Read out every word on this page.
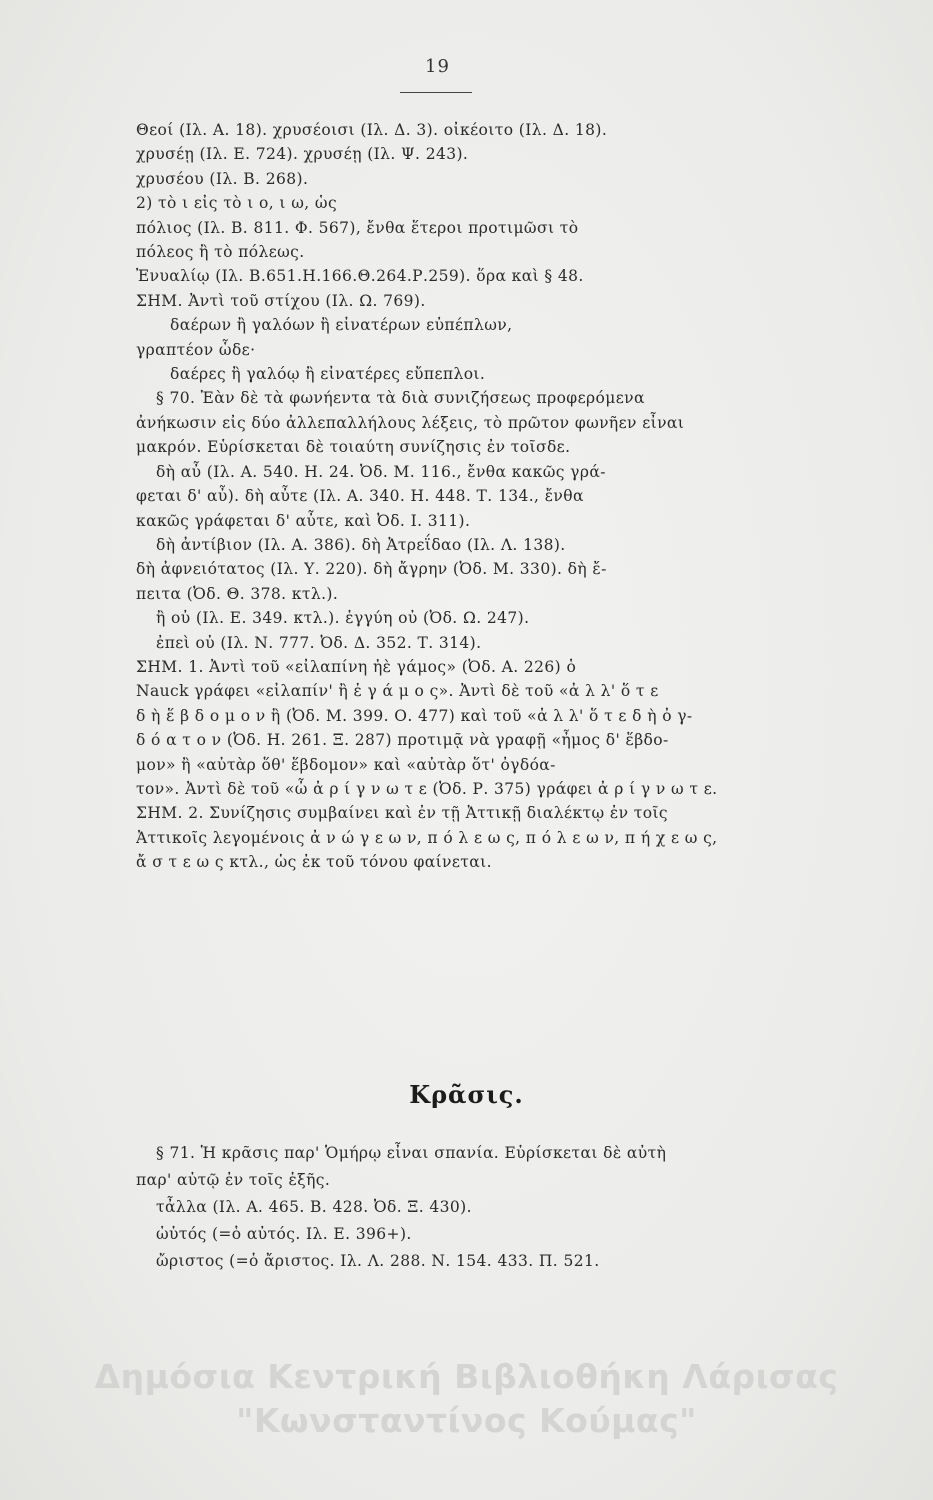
19
Θεοί (Ιλ. Α. 18). χρυσέοισι (Ιλ. Δ. 3). οἰκέοιτο (Ιλ. Δ. 18).
χρυσέῃ (Ιλ. Ε. 724). χρυσέῃ (Ιλ. Ψ. 243).
χρυσέου (Ιλ. Β. 268).
2) τὸ ι εἰς τὸ ι ο, ι ω, ὡς
πόλιος (Ιλ. Β. 811. Φ. 567), ἔνθα ἕτεροι προτιμῶσι τὸ
πόλεος ἢ τὸ πόλεως.
Ἐνυαλίῳ (Ιλ. Β.651.Η.166.Θ.264.Ρ.259). ὅρα καὶ § 48.
ΣΗΜ. Ἀντὶ τοῦ στίχου (Ιλ. Ω. 769).
δαέρων ἢ γαλόων ἢ εἰνατέρων εὐπέπλων,
γραπτέον ὧδε·
δαέρες ἢ γαλόῳ ἢ εἰνατέρες εὔπεπλοι.
§ 70. Ἐὰν δὲ τὰ φωνήεντα τὰ διὰ συνιζήσεως προφερόμενα
ἀνήκωσιν εἰς δύο ἀλλεπαλλήλους λέξεις, τὸ πρῶτον φωνῆεν εἶναι
μακρόν. Εὑρίσκεται δὲ τοιαύτη συνίζησις ἐν τοῖσδε.
δὴ αὖ (Ιλ. Α. 540. Η. 24. Ὀδ. Μ. 116., ἔνθα κακῶς γρά-
φεται δ' αὖ). δὴ αὖτε (Ιλ. Α. 340. Η. 448. Τ. 134., ἔνθα
κακῶς γράφεται δ' αὖτε, καὶ Ὀδ. Ι. 311).
δὴ ἀντίβιον (Ιλ. Α. 386). δὴ Ἀτρεΐδαο (Ιλ. Λ. 138).
δὴ ἀφνειότατος (Ιλ. Υ. 220). δὴ ἄγρην (Ὀδ. Μ. 330). δὴ ἔ-
πειτα (Ὀδ. Θ. 378. κτλ.).
ἢ οὐ (Ιλ. Ε. 349. κτλ.). ἐγγύη οὐ (Ὀδ. Ω. 247).
ἐπεὶ οὐ (Ιλ. Ν. 777. Ὀδ. Δ. 352. Τ. 314).
ΣΗΜ. 1. Ἀντὶ τοῦ «εἰλαπίνη ἠὲ γάμος» (Ὀδ. Α. 226) ὁ
Nauck γράφει «εἰλαπίν' ἢ ἐ γ ά μ ο ς». Ἀντὶ δὲ τοῦ «ἀ λ λ' ὅ τ ε
δ ὴ ἕ β δ ο μ ο ν ἢ (Ὀδ. Μ. 399. Ο. 477) καὶ τοῦ «ἀ λ λ' ὅ τ ε δ ὴ ὀ γ-
δ ό α τ ο ν (Ὀδ. Η. 261. Ξ. 287) προτιμᾷ νὰ γραφῇ «ἦμος δ' ἕβδο-
μον» ἢ «αὐτὰρ ὅθ' ἕβδομον» καὶ «αὐτὰρ ὅτ' ὀγδόα-
τον». Ἀντὶ δὲ τοῦ «ὦ ἀ ρ ί γ ν ω τ ε (Ὀδ. Ρ. 375) γράφει ἀ ρ ί γ ν ω τ ε.
ΣΗΜ. 2. Συνίζησις συμβαίνει καὶ ἐν τῇ Ἀττικῇ διαλέκτῳ ἐν τοῖς
Ἀττικοῖς λεγομένοις ἀ ν ώ γ ε ω ν, π ό λ ε ω ς, π ό λ ε ω ν, π ή χ ε ω ς,
ἄ σ τ ε ω ς κτλ., ὡς ἐκ τοῦ τόνου φαίνεται.
Κρᾶσις.
§ 71. Ἡ κρᾶσις παρ' Ὁμήρῳ εἶναι σπανία. Εὑρίσκεται δὲ αὐτὴ
παρ' αὐτῷ ἐν τοῖς ἑξῆς.
τἆλλα (Ιλ. Α. 465. Β. 428. Ὀδ. Ξ. 430).
ὡὐτός (=ὁ αὐτός. Ιλ. Ε. 396+).
ὤριστος (=ὁ ἄριστος. Ιλ. Λ. 288. Ν. 154. 433. Π. 521.
Δημόσια Κεντρική Βιβλιοθήκη Λάρισας
"Κωνσταντίνος Κούμας"
